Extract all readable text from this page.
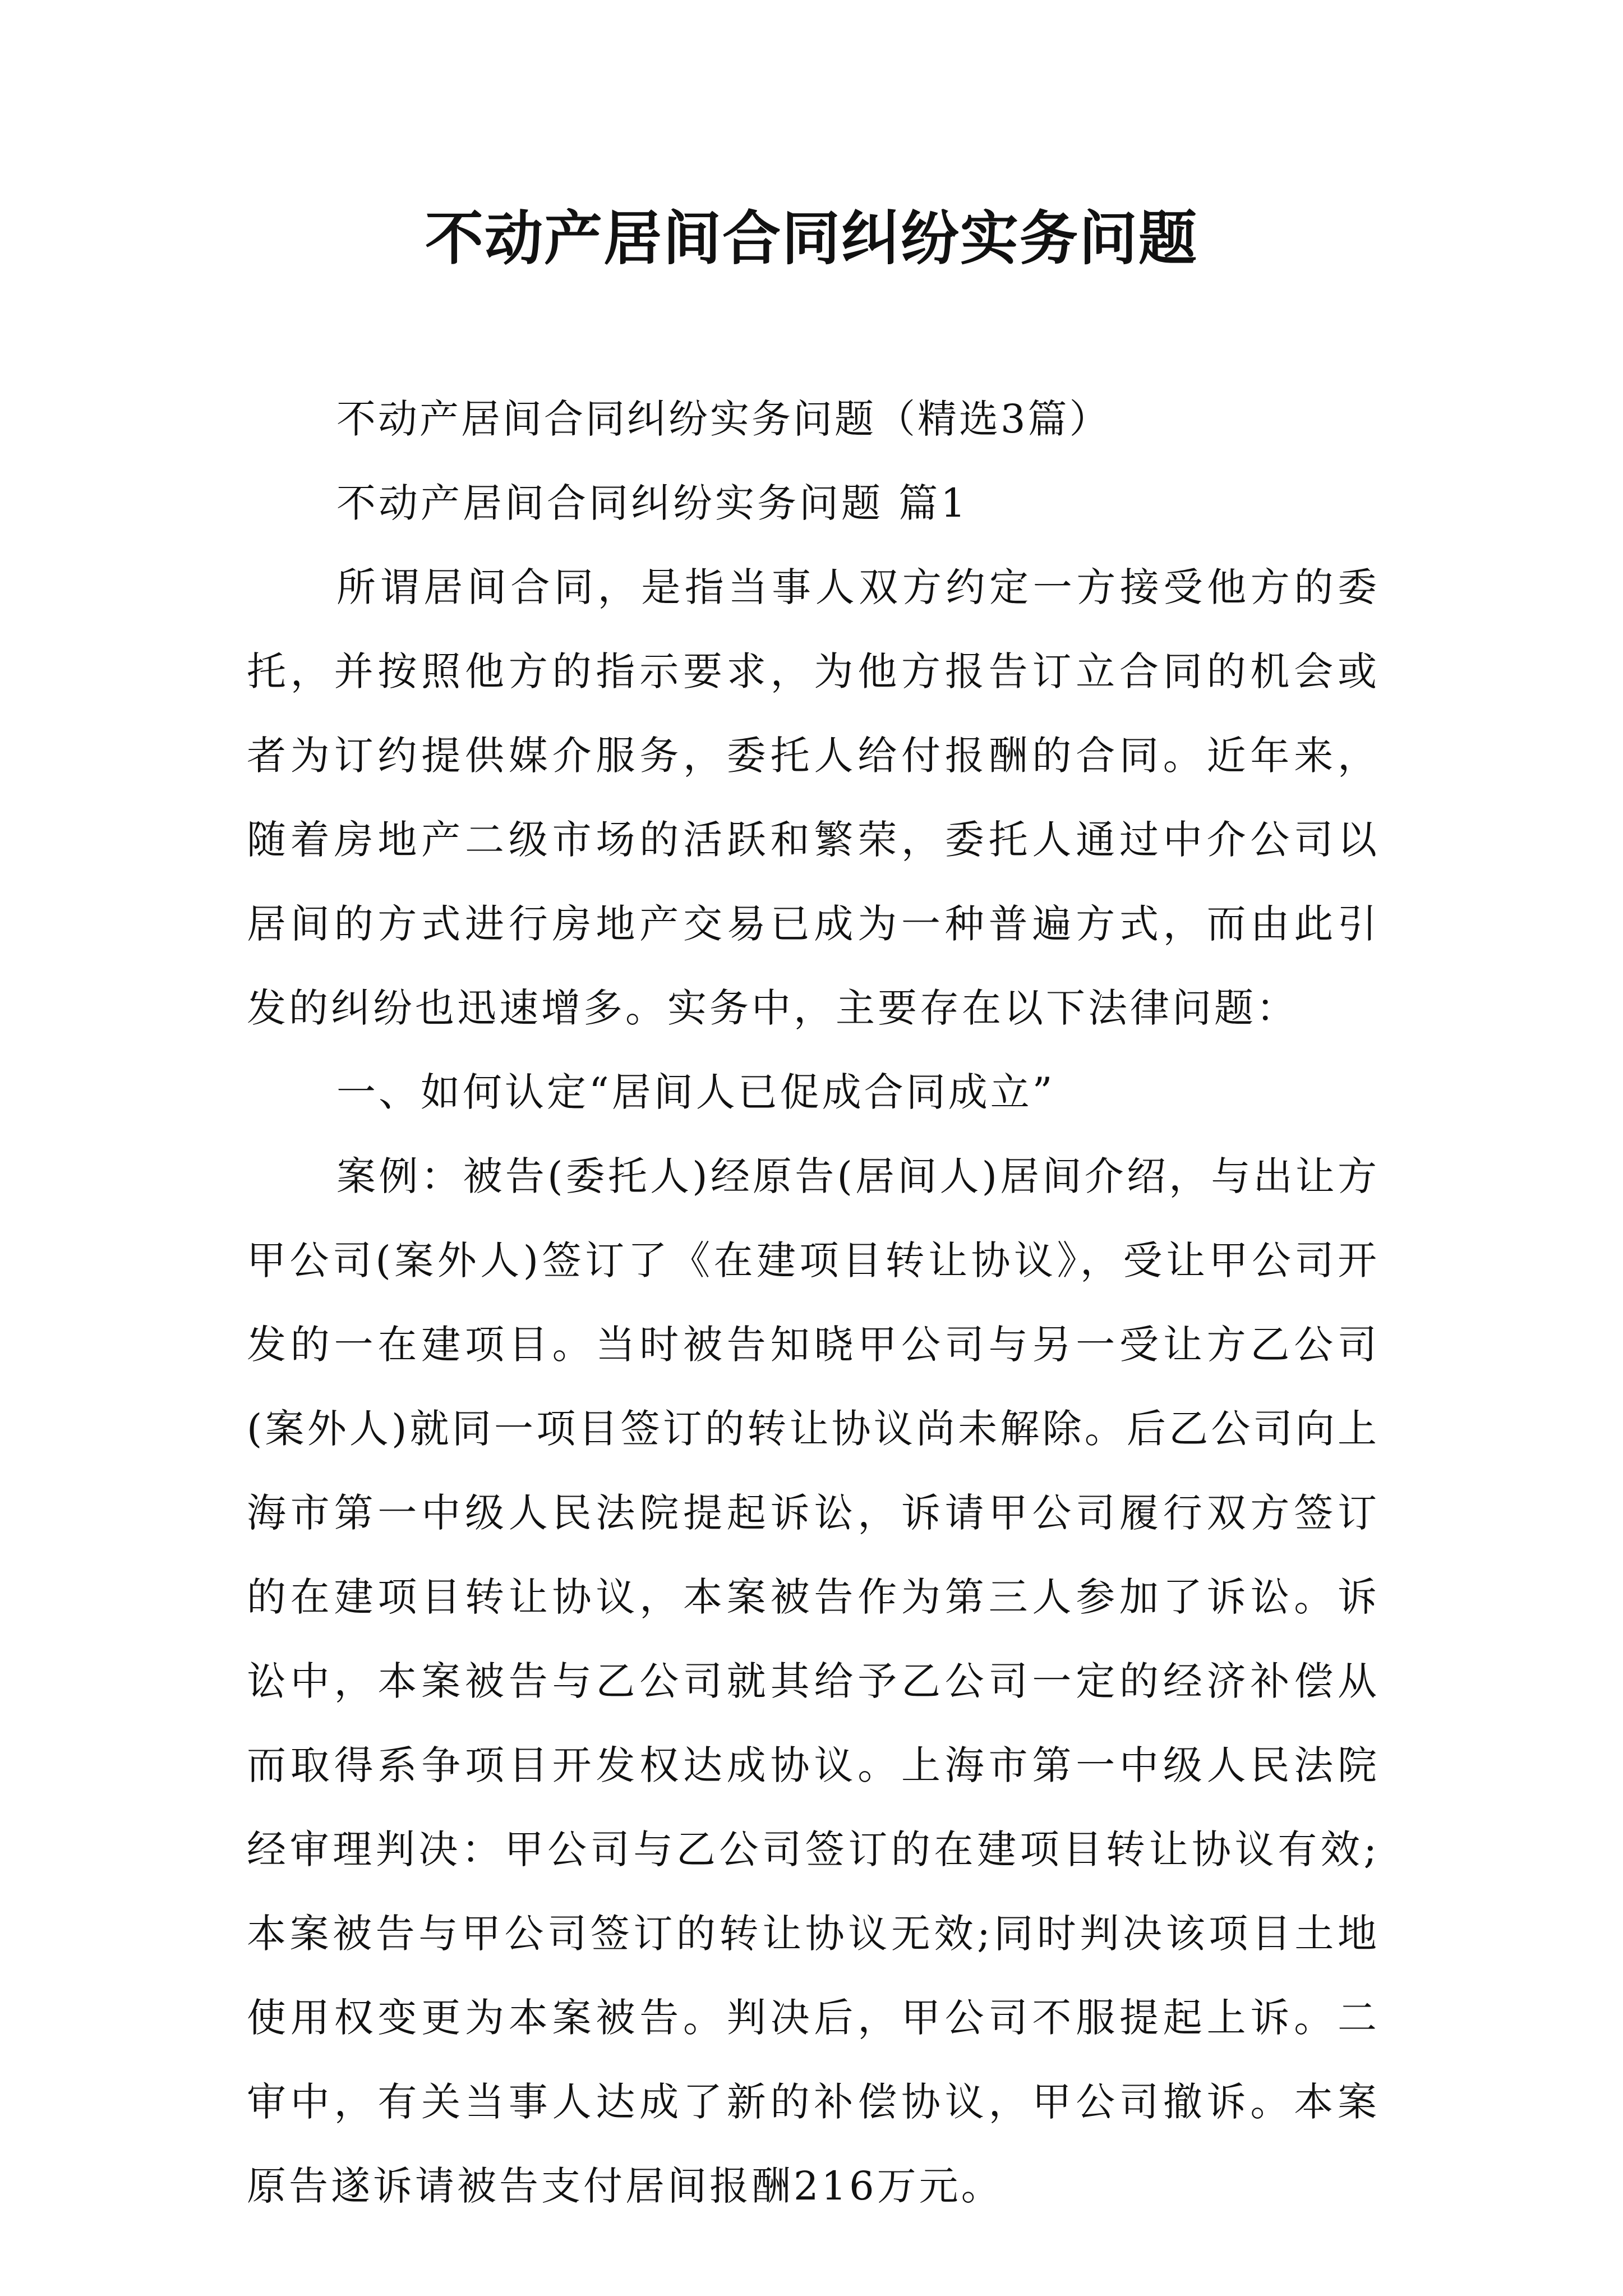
不动产居间合同纠纷实务问题

不动产居间合同纠纷实务问题（精选3篇）

不动产居间合同纠纷实务问题 篇1

所谓居间合同，是指当事人双方约定一方接受他方的委托，并按照他方的指示要求，为他方报告订立合同的机会或者为订约提供媒介服务，委托人给付报酬的合同。近年来，随着房地产二级市场的活跃和繁荣，委托人通过中介公司以居间的方式进行房地产交易已成为一种普遍方式，而由此引发的纠纷也迅速增多。实务中，主要存在以下法律问题：

一、如何认定“居间人已促成合同成立”

案例：被告(委托人)经原告(居间人)居间介绍，与出让方甲公司(案外人)签订了《在建项目转让协议》，受让甲公司开发的一在建项目。当时被告知晓甲公司与另一受让方乙公司(案外人)就同一项目签订的转让协议尚未解除。后乙公司向上海市第一中级人民法院提起诉讼，诉请甲公司履行双方签订的在建项目转让协议，本案被告作为第三人参加了诉讼。诉讼中，本案被告与乙公司就其给予乙公司一定的经济补偿从而取得系争项目开发权达成协议。上海市第一中级人民法院经审理判决：甲公司与乙公司签订的在建项目转让协议有效;本案被告与甲公司签订的转让协议无效;同时判决该项目土地使用权变更为本案被告。判决后，甲公司不服提起上诉。二审中，有关当事人达成了新的补偿协议，甲公司撤诉。本案原告遂诉请被告支付居间报酬216万元。
